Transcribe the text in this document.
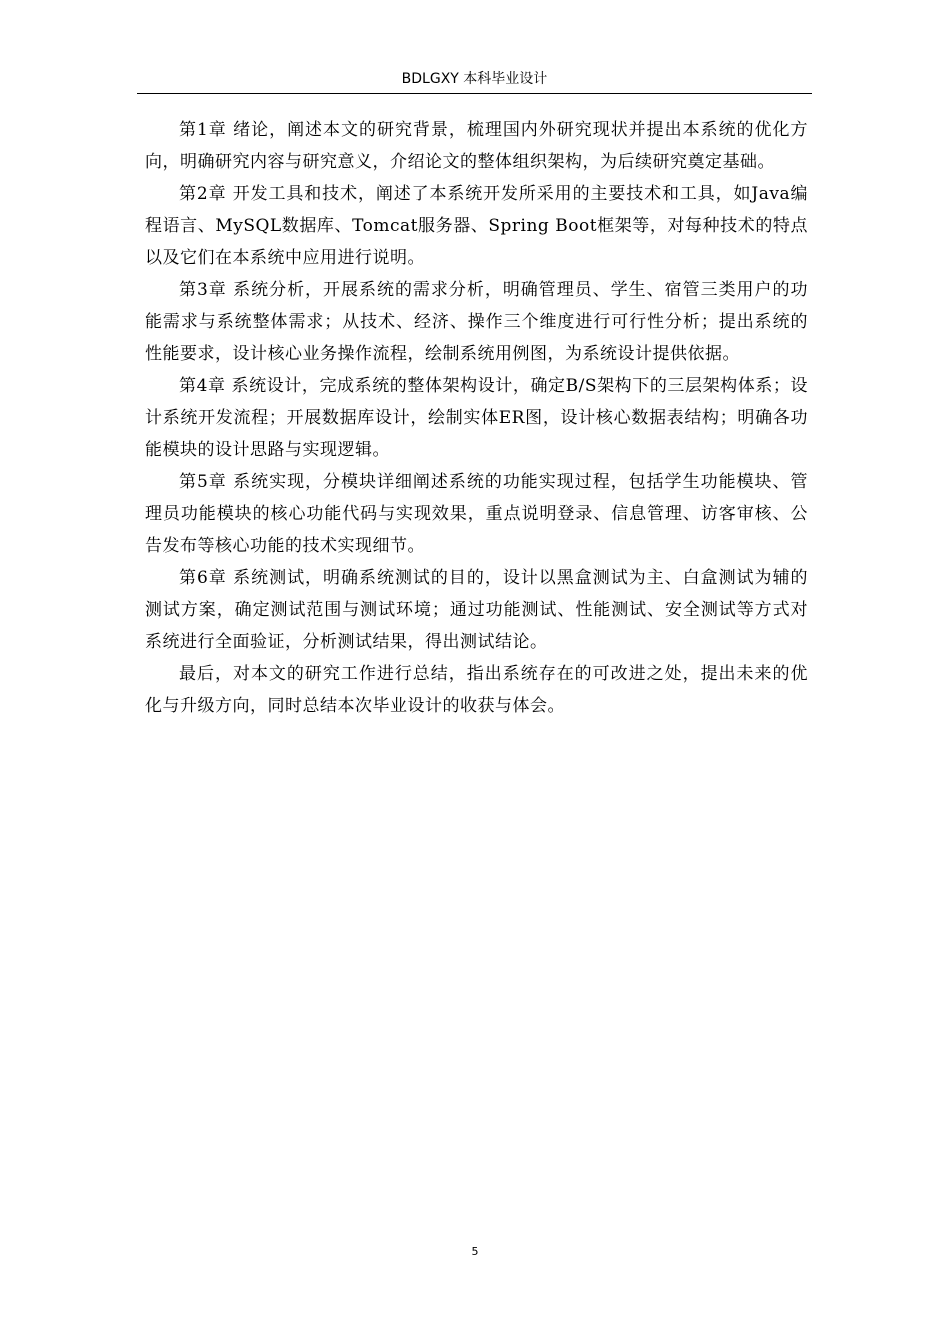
BDLGXY 本科毕业设计

第1章 绪论，阐述本文的研究背景，梳理国内外研究现状并提出本系统的优化方向，明确研究内容与研究意义，介绍论文的整体组织架构，为后续研究奠定基础。

第2章 开发工具和技术，阐述了本系统开发所采用的主要技术和工具，如Java编程语言、MySQL数据库、Tomcat服务器、Spring Boot框架等，对每种技术的特点以及它们在本系统中应用进行说明。

第3章 系统分析，开展系统的需求分析，明确管理员、学生、宿管三类用户的功能需求与系统整体需求；从技术、经济、操作三个维度进行可行性分析；提出系统的性能要求，设计核心业务操作流程，绘制系统用例图，为系统设计提供依据。

第4章 系统设计，完成系统的整体架构设计，确定B/S架构下的三层架构体系；设计系统开发流程；开展数据库设计，绘制实体ER图，设计核心数据表结构；明确各功能模块的设计思路与实现逻辑。

第5章 系统实现，分模块详细阐述系统的功能实现过程，包括学生功能模块、管理员功能模块的核心功能代码与实现效果，重点说明登录、信息管理、访客审核、公告发布等核心功能的技术实现细节。

第6章 系统测试，明确系统测试的目的，设计以黑盒测试为主、白盒测试为辅的测试方案，确定测试范围与测试环境；通过功能测试、性能测试、安全测试等方式对系统进行全面验证，分析测试结果，得出测试结论。

最后，对本文的研究工作进行总结，指出系统存在的可改进之处，提出未来的优化与升级方向，同时总结本次毕业设计的收获与体会。

5
